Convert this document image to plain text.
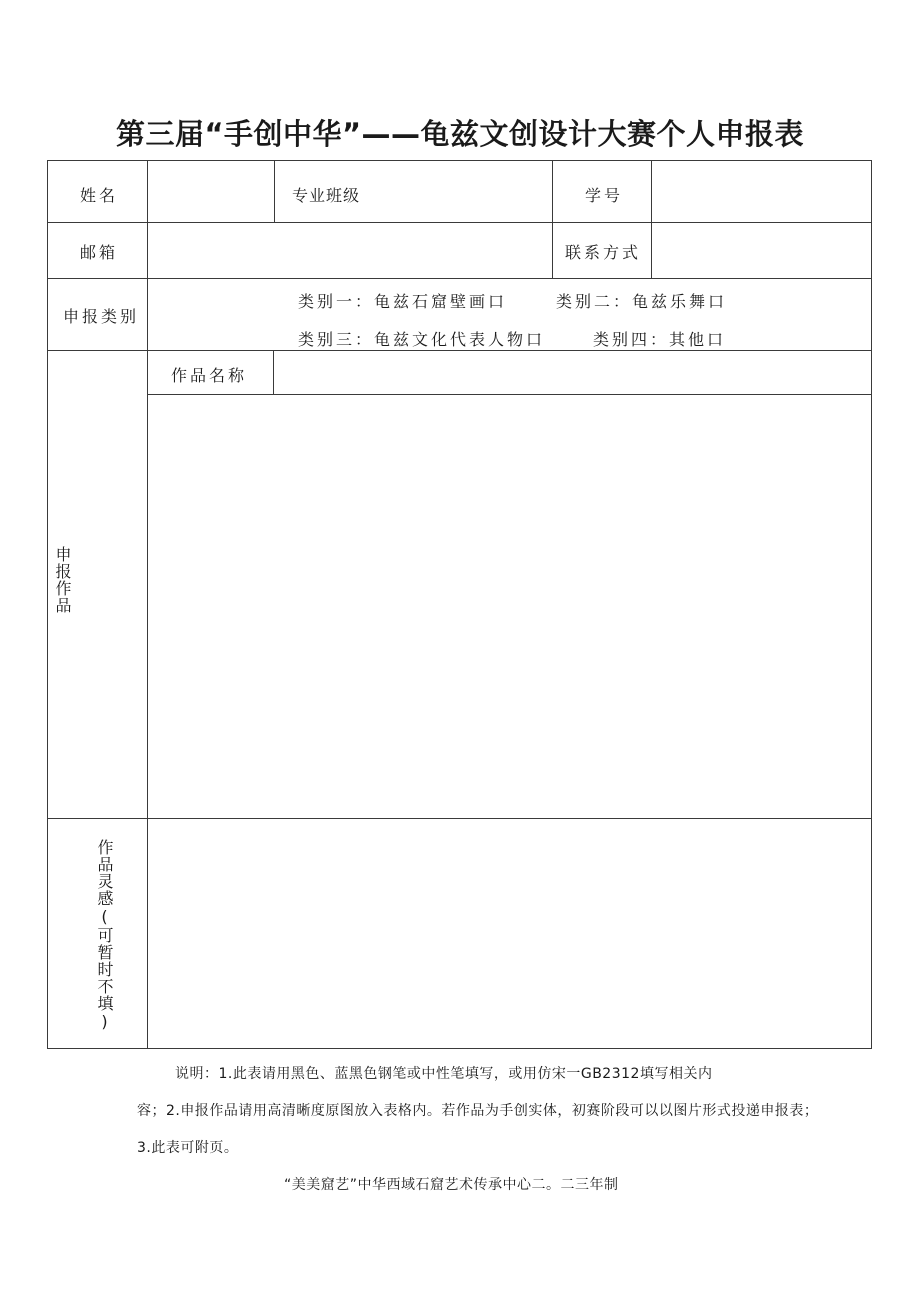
第三届“手创中华”——龟兹文创设计大赛个人申报表
姓名	专业班级	学号
邮箱	联系方式
申报类别
类别一：龟兹石窟壁画口	类别二：龟兹乐舞口
类别三：龟兹文化代表人物口	类别四：其他口
申报作品
作品名称
作品灵感(可暂时不填)
说明：1.此表请用黑色、蓝黑色钢笔或中性笔填写，或用仿宋一GB2312填写相关内
容；2.申报作品请用高清晰度原图放入表格内。若作品为手创实体，初赛阶段可以以图片形式投递申报表；
3.此表可附页。
“美美窟艺”中华西域石窟艺术传承中心二。二三年制
